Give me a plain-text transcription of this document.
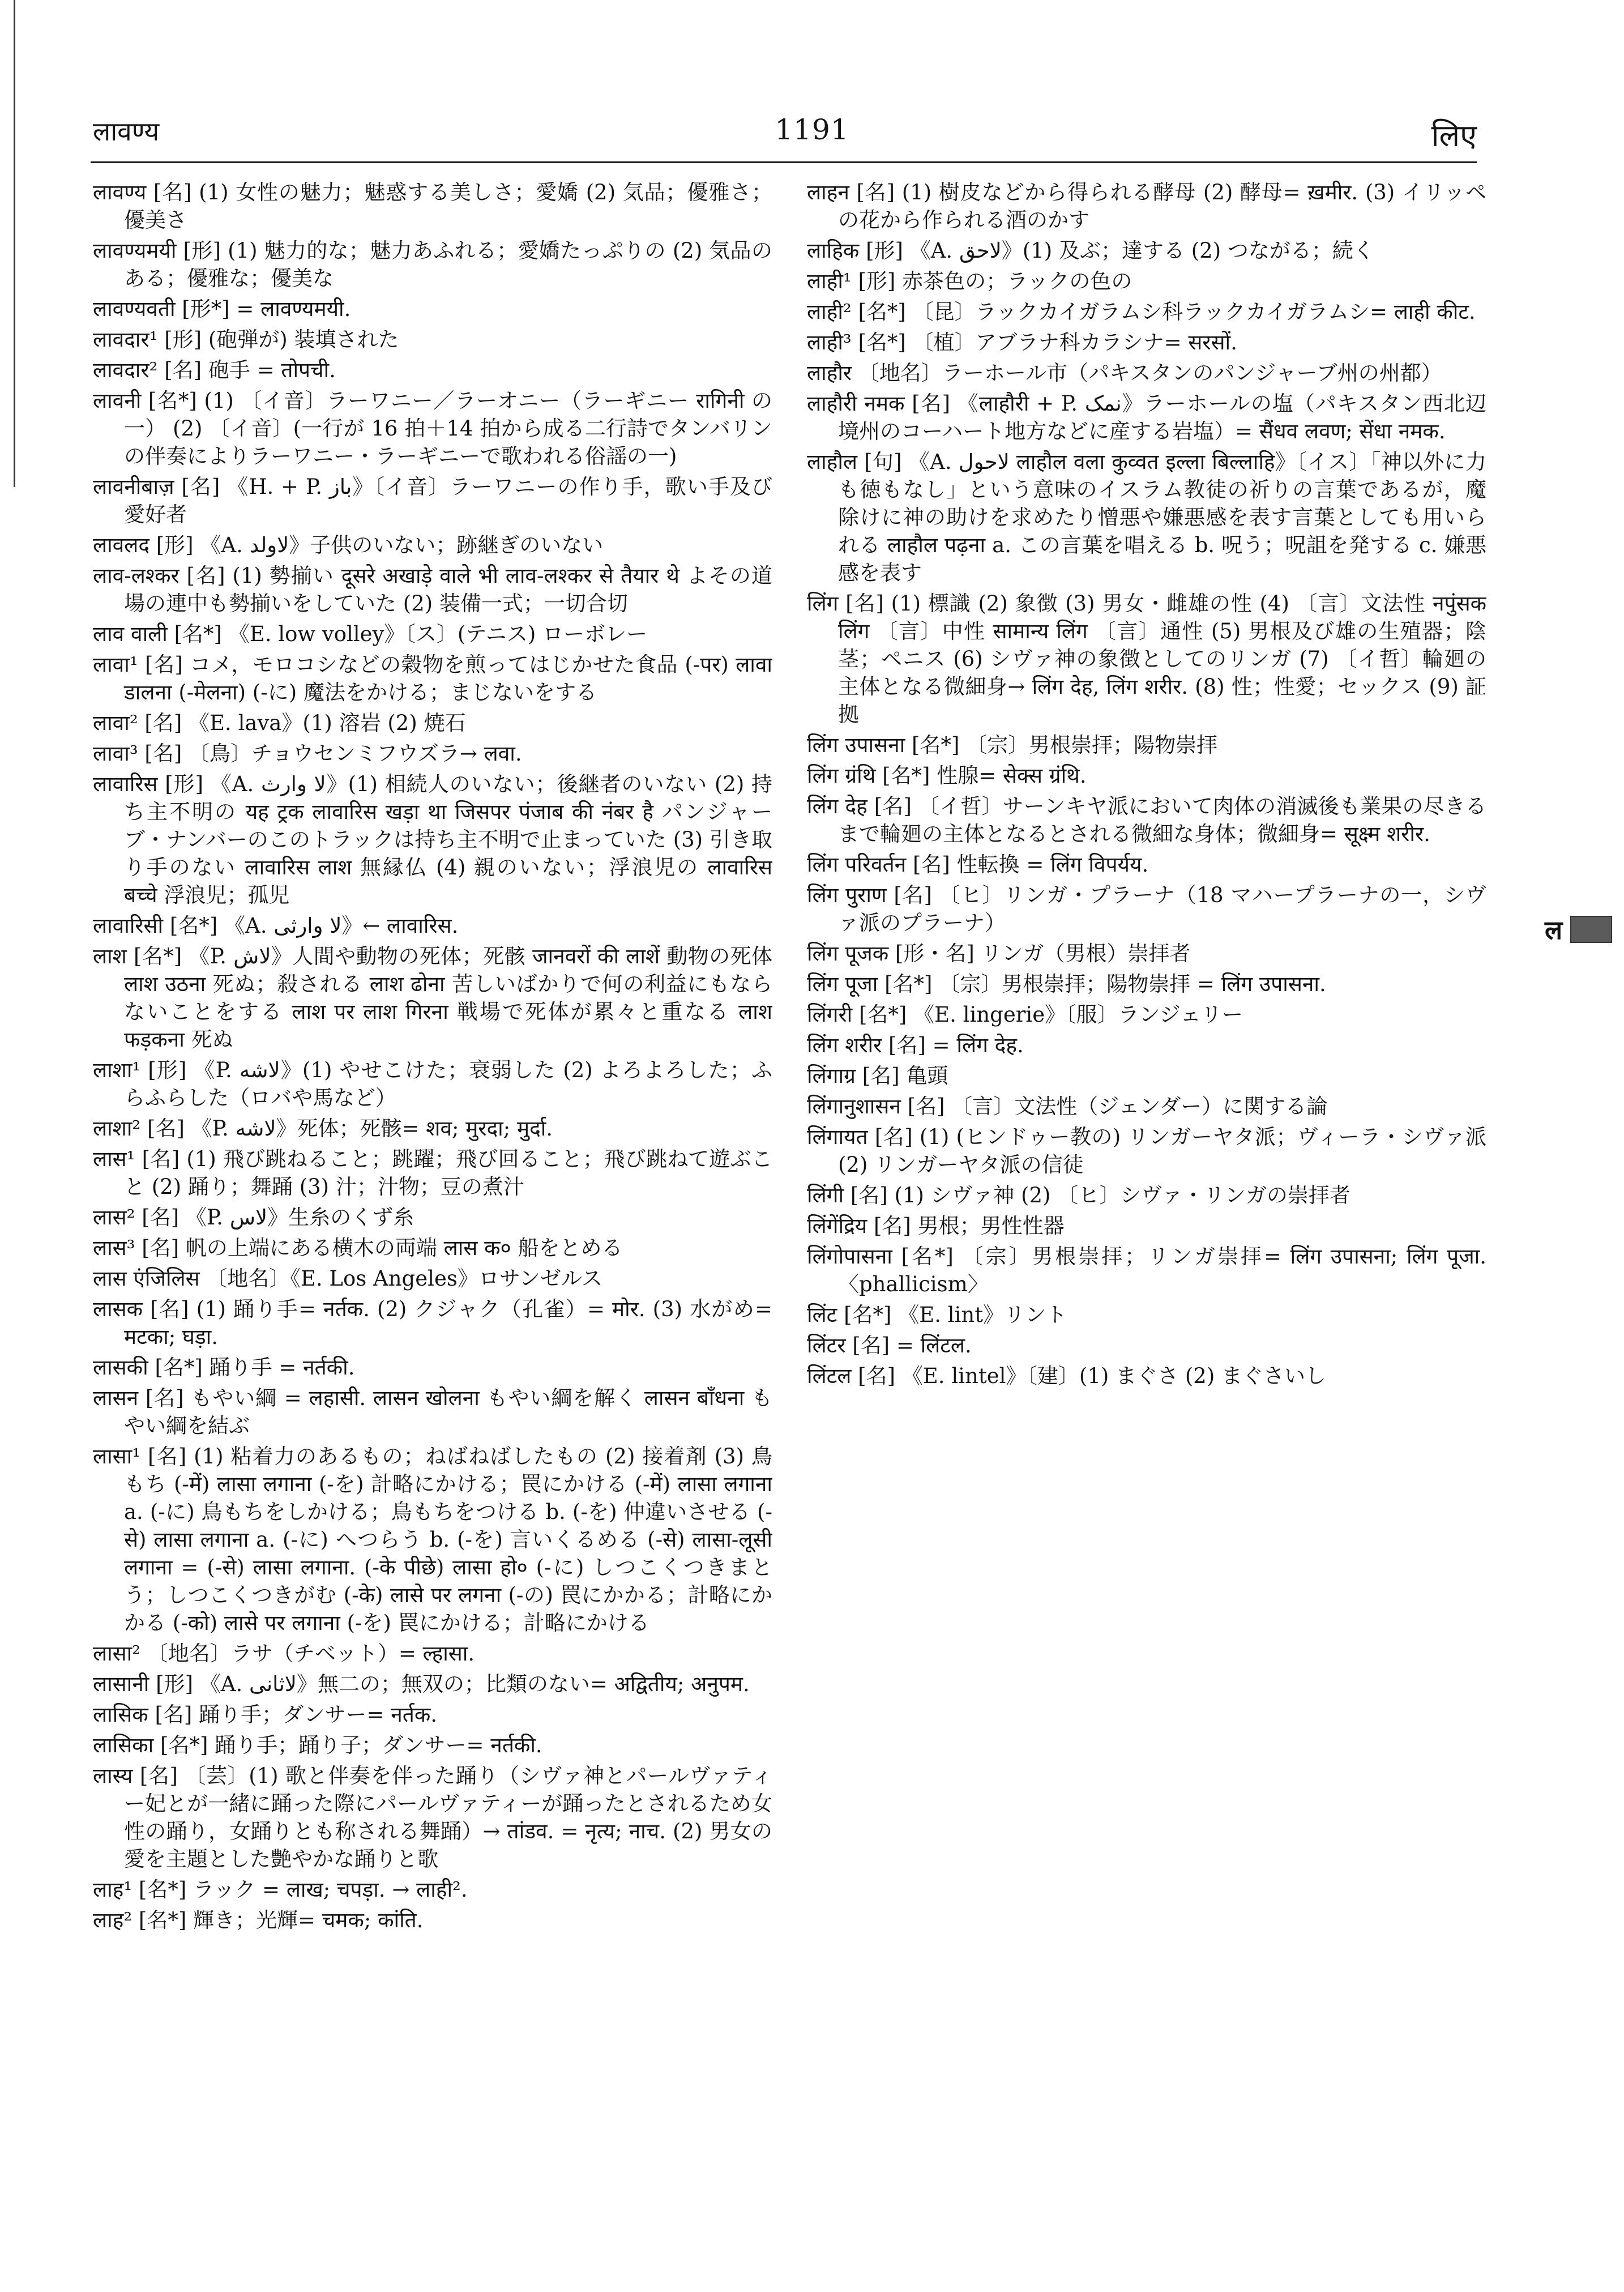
लावण्य	1191	लिए

लावण्य [名] (1) 女性の魅力；魅惑する美しさ；愛嬌 (2) 気品；優雅さ；優美さ

लावण्यमयी [形] (1) 魅力的な；魅力あふれる；愛嬌たっぷりの (2) 気品のある；優雅な；優美な

लावण्यवती [形*] = लावण्यमयी.

लावदार¹ [形] (砲弾が) 装填された

लावदार² [名] 砲手 = तोपची.

लावनी [名*] (1) 〔イ音〕ラーワニー／ラーオニー（ラーギニー रागिनी の一） (2) 〔イ音〕(一行が 16 拍＋14 拍から成る二行詩でタンバリンの伴奏によりラーワニー・ラーギニーで歌われる俗謡の一)

लावनीबाज़ [名] 《H. + P. باز》〔イ音〕ラーワニーの作り手，歌い手及び愛好者

लावलद [形] 《A. لاولد》子供のいない；跡継ぎのいない

लाव-लश्कर [名] (1) 勢揃い दूसरे अखाड़े वाले भी लाव-लश्कर से तैयार थे よその道場の連中も勢揃いをしていた (2) 装備一式；一切合切

लाव वाली [名*] 《E. low volley》〔ス〕(テニス) ローボレー

लावा¹ [名] コメ，モロコシなどの穀物を煎ってはじかせた食品 (-पर) लावा डालना (-मेलना) (-に) 魔法をかける；まじないをする

लावा² [名] 《E. lava》(1) 溶岩 (2) 焼石

लावा³ [名] 〔鳥〕チョウセンミフウズラ→ लवा.

लावारिस [形] 《A. لا وارث》(1) 相続人のいない；後継者のいない (2) 持ち主不明の यह ट्रक लावारिस खड़ा था जिसपर पंजाब की नंबर है パンジャーブ・ナンバーのこのトラックは持ち主不明で止まっていた (3) 引き取り手のない लावारिस लाश 無縁仏 (4) 親のいない；浮浪児の लावारिस बच्चे 浮浪児；孤児

लावारिसी [名*] 《A. لا وارثی》← लावारिस.

लाश [名*] 《P. لاش》人間や動物の死体；死骸 जानवरों की लाशें 動物の死体 लाश उठना 死ぬ；殺される लाश ढोना 苦しいばかりで何の利益にもならないことをする लाश पर लाश गिरना 戦場で死体が累々と重なる लाश फड़कना 死ぬ

लाशा¹ [形] 《P. لاشه》(1) やせこけた；衰弱した (2) よろよろした；ふらふらした（ロバや馬など）

लाशा² [名] 《P. لاشه》死体；死骸= शव; मुरदा; मुर्दा.

लास¹ [名] (1) 飛び跳ねること；跳躍；飛び回ること；飛び跳ねて遊ぶこと (2) 踊り；舞踊 (3) 汁；汁物；豆の煮汁

लास² [名] 《P. لاس》生糸のくず糸

लास³ [名] 帆の上端にある横木の両端 लास क० 船をとめる

लास एंजिलिस 〔地名〕《E. Los Angeles》ロサンゼルス

लासक [名] (1) 踊り手= नर्तक. (2) クジャク（孔雀）= मोर. (3) 水がめ= मटका; घड़ा.

लासकी [名*] 踊り手 = नर्तकी.

लासन [名] もやい綱 = लहासी. लासन खोलना もやい綱を解く लासन बाँधना もやい綱を結ぶ

लासा¹ [名] (1) 粘着力のあるもの；ねばねばしたもの (2) 接着剤 (3) 鳥もち (-में) लासा लगाना (-を) 計略にかける；罠にかける (-में) लासा लगाना a. (-に) 鳥もちをしかける；鳥もちをつける b. (-を) 仲違いさせる (-से) लासा लगाना a. (-に) へつらう b. (-を) 言いくるめる (-से) लासा-लूसी लगाना = (-से) लासा लगाना. (-के पीछे) लासा हो० (-に) しつこくつきまとう；しつこくつきがむ (-के) लासे पर लगना (-の) 罠にかかる；計略にかかる (-को) लासे पर लगाना (-を) 罠にかける；計略にかける

लासा² 〔地名〕ラサ（チベット）= ल्हासा.

लासानी [形] 《A. لاثانی》無二の；無双の；比類のない= अद्वितीय; अनुपम.

लासिक [名] 踊り手；ダンサー= नर्तक.

लासिका [名*] 踊り手；踊り子；ダンサー= नर्तकी.

लास्य [名] 〔芸〕(1) 歌と伴奏を伴った踊り（シヴァ神とパールヴァティー妃とが一緒に踊った際にパールヴァティーが踊ったとされるため女性の踊り，女踊りとも称される舞踊）→ तांडव. = नृत्य; नाच. (2) 男女の愛を主題とした艶やかな踊りと歌

लाह¹ [名*] ラック = लाख; चपड़ा. → लाही².

लाह² [名*] 輝き；光輝= चमक; कांति.

लाहन [名] (1) 樹皮などから得られる酵母 (2) 酵母= ख़मीर. (3) イリッペの花から作られる酒のかす

लाहिक [形] 《A. لاحق》(1) 及ぶ；達する (2) つながる；続く

लाही¹ [形] 赤茶色の；ラックの色の

लाही² [名*] 〔昆〕ラックカイガラムシ科ラックカイガラムシ= लाही कीट.

लाही³ [名*] 〔植〕アブラナ科カラシナ= सरसों.

लाहौर 〔地名〕ラーホール市（パキスタンのパンジャーブ州の州都）

लाहौरी नमक [名] 《लाहौरी + P. نمک》ラーホールの塩（パキスタン西北辺境州のコーハート地方などに産する岩塩）= सैंधव लवण; सेंधा नमक.

लाहौल [句] 《A. لاحول लाहौल वला कुव्वत इल्ला बिल्लाहि》〔イス〕「神以外に力も徳もなし」という意味のイスラム教徒の祈りの言葉であるが，魔除けに神の助けを求めたり憎悪や嫌悪感を表す言葉としても用いられる लाहौल पढ़ना a. この言葉を唱える b. 呪う；呪詛を発する c. 嫌悪感を表す

लिंग [名] (1) 標識 (2) 象徴 (3) 男女・雌雄の性 (4) 〔言〕文法性 नपुंसक लिंग 〔言〕中性 सामान्य लिंग 〔言〕通性 (5) 男根及び雄の生殖器；陰茎；ペニス (6) シヴァ神の象徴としてのリンガ (7) 〔イ哲〕輪廻の主体となる微細身→ लिंग देह, लिंग शरीर. (8) 性；性愛；セックス (9) 証拠

लिंग उपासना [名*] 〔宗〕男根崇拝；陽物崇拝

लिंग ग्रंथि [名*] 性腺= सेक्स ग्रंथि.

लिंग देह [名] 〔イ哲〕サーンキヤ派において肉体の消滅後も業果の尽きるまで輪廻の主体となるとされる微細な身体；微細身= सूक्ष्म शरीर.

लिंग परिवर्तन [名] 性転換 = लिंग विपर्यय.

लिंग पुराण [名] 〔ヒ〕リンガ・プラーナ（18 マハープラーナの一，シヴァ派のプラーナ）

लिंग पूजक [形・名] リンガ（男根）崇拝者

लिंग पूजा [名*] 〔宗〕男根崇拝；陽物崇拝 = लिंग उपासना.

लिंगरी [名*] 《E. lingerie》〔服〕ランジェリー

लिंग शरीर [名] = लिंग देह.

लिंगाग्र [名] 亀頭

लिंगानुशासन [名] 〔言〕文法性（ジェンダー）に関する論

लिंगायत [名] (1) (ヒンドゥー教の) リンガーヤタ派；ヴィーラ・シヴァ派 (2) リンガーヤタ派の信徒

लिंगी [名] (1) シヴァ神 (2) 〔ヒ〕シヴァ・リンガの崇拝者

लिंगेंद्रिय [名] 男根；男性性器

लिंगोपासना [名*] 〔宗〕男根崇拝；リンガ崇拝= लिंग उपासना; लिंग पूजा. 〈phallicism〉

लिंट [名*] 《E. lint》リント

लिंटर [名] = लिंटल.

लिंटल [名] 《E. lintel》〔建〕(1) まぐさ (2) まぐさいし

ल
